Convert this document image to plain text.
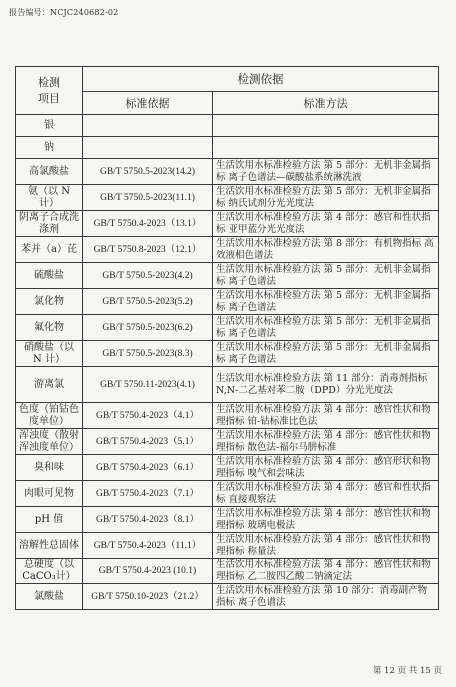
报告编号：NCJC240682-02
检测
项目	检测依据	
	标准依据	标准方法
银		
钠		
高氯酸盐	GB/T 5750.5-2023(14.2)	生活饮用水标准检验方法 第 5 部分：无机非金属指标 离子色谱法—碳酸盐系统淋洗液
氨（以 N 计）	GB/T 5750.5-2023(11.1)	生活饮用水标准检验方法 第 5 部分：无机非金属指标 纳氏试剂分光光度法
阴离子合成洗涤剂	GB/T 5750.4-2023（13.1）	生活饮用水标准检验方法 第 4 部分：感官和性状指标 亚甲蓝分光光度法
苯并（a）芘	GB/T 5750.8-2023（12.1）	生活饮用水标准检验方法 第 8 部分：有机物指标 高效液相色谱法
硫酸盐	GB/T 5750.5-2023(4.2)	生活饮用水标准检验方法 第 5 部分：无机非金属指标 离子色谱法
氯化物	GB/T 5750.5-2023(5.2)	生活饮用水标准检验方法 第 5 部分：无机非金属指标 离子色谱法
氟化物	GB/T 5750.5-2023(6.2)	生活饮用水标准检验方法 第 5 部分：无机非金属指标 离子色谱法
硝酸盐（以 N 计）	GB/T 5750.5-2023(8.3)	生活饮用水标准检验方法 第 5 部分：无机非金属指标 离子色谱法
游离氯	GB/T 5750.11-2023(4.1)	生活饮用水标准检验方法 第 11 部分：消毒剂指标 N,N-二乙基对苯二胺（DPD）分光光度法
色度（铂钴色度单位）	GB/T 5750.4-2023（4.1）	生活饮用水标准检验方法 第 4 部分：感官性状和物理指标 铂-钴标准比色法
浑浊度（散射浑浊度单位）	GB/T 5750.4-2023（5.1）	生活饮用水标准检验方法 第 4 部分：感官性状和物理指标 散色法-福尔马肼标准
臭和味	GB/T 5750.4-2023（6.1）	生活饮用水标准检验方法 第 4 部分：感官形状和物理指标 嗅气和尝味法
肉眼可见物	GB/T 5750.4-2023（7.1）	生活饮用水标准检验方法 第 4 部分：感官和性状指标 直接观察法
pH 值	GB/T 5750.4-2023（8.1）	生活饮用水标准检验方法 第 4 部分：感官性状和物理指标 玻璃电极法
溶解性总固体	GB/T 5750.4-2023（11.1）	生活饮用水标准检验方法 第 4 部分：感官性状和物理指标 称量法
总硬度（以 CaCO₃计）	GB/T 5750.4-2023 (10.1)	生活饮用水标准检验方法 第 4 部分：感官性状和物理指标 乙二胺四乙酸二钠滴定法
氯酸盐	GB/T 5750.10-2023（21.2）	生活饮用水标准检验方法 第 10 部分：消毒副产物指标 离子色谱法
第 12 页 共 15 页
